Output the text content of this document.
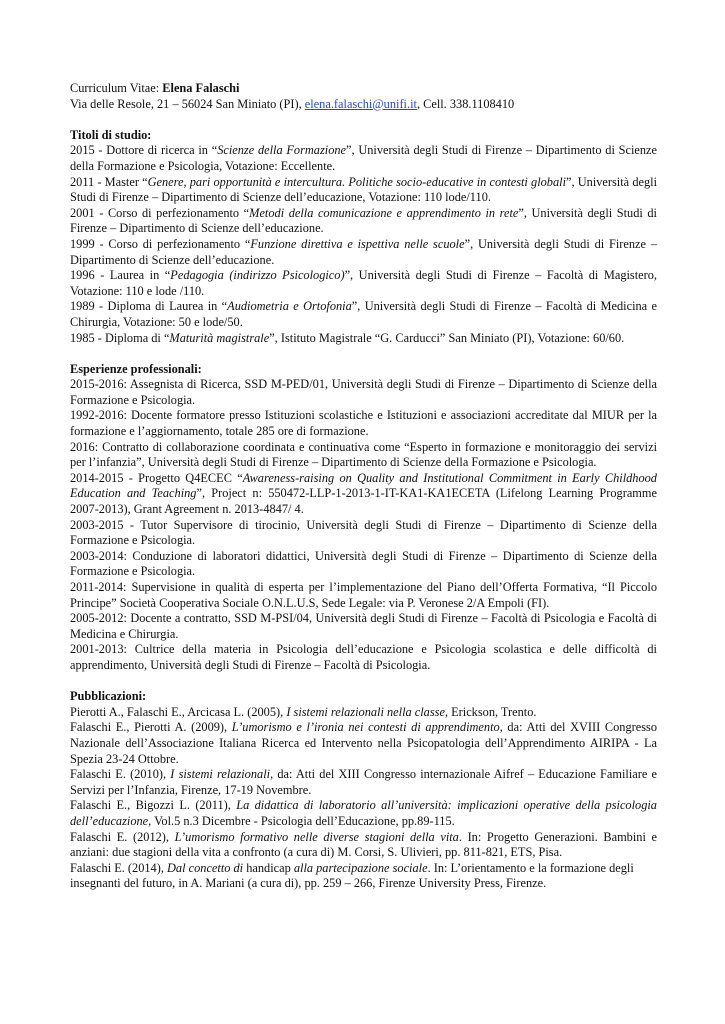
Curriculum Vitae: Elena Falaschi
Via delle Resole, 21 – 56024 San Miniato (PI), elena.falaschi@unifi.it, Cell. 338.1108410
Titoli di studio:
2015 - Dottore di ricerca in “Scienze della Formazione”, Università degli Studi di Firenze – Dipartimento di Scienze della Formazione e Psicologia, Votazione: Eccellente.
2011 - Master “Genere, pari opportunità e intercultura. Politiche socio-educative in contesti globali”, Università degli Studi di Firenze – Dipartimento di Scienze dell’educazione, Votazione: 110 lode/110.
2001 - Corso di perfezionamento “Metodi della comunicazione e apprendimento in rete”, Università degli Studi di Firenze – Dipartimento di Scienze dell’educazione.
1999 - Corso di perfezionamento “Funzione direttiva e ispettiva nelle scuole”, Università degli Studi di Firenze – Dipartimento di Scienze dell’educazione.
1996 - Laurea in “Pedagogia (indirizzo Psicologico)”, Università degli Studi di Firenze – Facoltà di Magistero, Votazione: 110 e lode /110.
1989 - Diploma di Laurea in “Audiometria e Ortofonia”, Università degli Studi di Firenze – Facoltà di Medicina e Chirurgia, Votazione: 50 e lode/50.
1985 - Diploma di “Maturità magistrale”, Istituto Magistrale “G. Carducci” San Miniato (PI), Votazione: 60/60.
Esperienze professionali:
2015-2016: Assegnista di Ricerca, SSD M-PED/01, Università degli Studi di Firenze – Dipartimento di Scienze della Formazione e Psicologia.
1992-2016: Docente formatore presso Istituzioni scolastiche e Istituzioni e associazioni accreditate dal MIUR per la formazione e l’aggiornamento, totale 285 ore di formazione.
2016: Contratto di collaborazione coordinata e continuativa come “Esperto in formazione e monitoraggio dei servizi per l’infanzia”, Università degli Studi di Firenze – Dipartimento di Scienze della Formazione e Psicologia.
2014-2015 - Progetto Q4ECEC “Awareness-raising on Quality and Institutional Commitment in Early Childhood Education and Teaching”, Project n: 550472-LLP-1-2013-1-IT-KA1-KA1ECETA (Lifelong Learning Programme 2007-2013), Grant Agreement n. 2013-4847/ 4.
2003-2015 - Tutor Supervisore di tirocinio, Università degli Studi di Firenze – Dipartimento di Scienze della Formazione e Psicologia.
2003-2014: Conduzione di laboratori didattici, Università degli Studi di Firenze – Dipartimento di Scienze della Formazione e Psicologia.
2011-2014: Supervisione in qualità di esperta per l’implementazione del Piano dell’Offerta Formativa, “Il Piccolo Principe” Società Cooperativa Sociale O.N.L.U.S, Sede Legale: via P. Veronese 2/A Empoli (FI).
2005-2012: Docente a contratto, SSD M-PSI/04, Università degli Studi di Firenze – Facoltà di Psicologia e Facoltà di Medicina e Chirurgia.
2001-2013: Cultrice della materia in Psicologia dell’educazione e Psicologia scolastica e delle difficoltà di apprendimento, Università degli Studi di Firenze – Facoltà di Psicologia.
Pubblicazioni:
Pierotti A., Falaschi E., Arcicasa L. (2005), I sistemi relazionali nella classe, Erickson, Trento.
Falaschi E., Pierotti A. (2009), L’umorismo e l’ironia nei contesti di apprendimento, da: Atti del XVIII Congresso Nazionale dell’Associazione Italiana Ricerca ed Intervento nella Psicopatologia dell’Apprendimento AIRIPA - La Spezia 23-24 Ottobre.
Falaschi E. (2010), I sistemi relazionali, da: Atti del XIII Congresso internazionale Aifref – Educazione Familiare e Servizi per l’Infanzia, Firenze, 17-19 Novembre.
Falaschi E., Bigozzi L. (2011), La didattica di laboratorio all’università: implicazioni operative della psicologia dell’educazione, Vol.5 n.3 Dicembre - Psicologia dell’Educazione, pp.89-115.
Falaschi E. (2012), L’umorismo formativo nelle diverse stagioni della vita. In: Progetto Generazioni. Bambini e anziani: due stagioni della vita a confronto (a cura di) M. Corsi, S. Ulivieri, pp. 811-821, ETS, Pisa.
Falaschi E. (2014), Dal concetto di handicap alla partecipazione sociale. In: L’orientamento e la formazione degli insegnanti del futuro, in A. Mariani (a cura di), pp. 259 – 266, Firenze University Press, Firenze.
